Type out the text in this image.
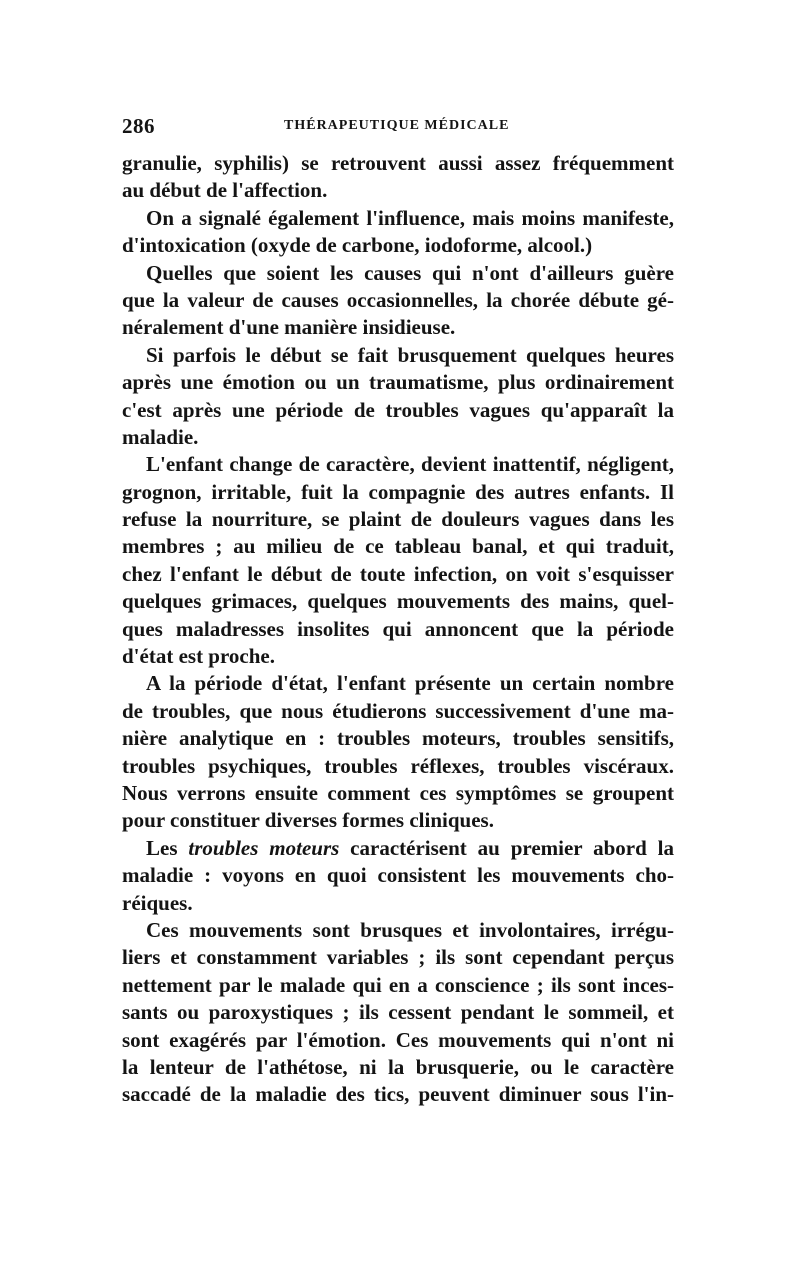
286	THÉRAPEUTIQUE MÉDICALE
granulie, syphilis) se retrouvent aussi assez fréquemment
au début de l'affection.
On a signalé également l'influence, mais moins manifeste,
d'intoxication (oxyde de carbone, iodoforme, alcool.)
Quelles que soient les causes qui n'ont d'ailleurs guère
que la valeur de causes occasionnelles, la chorée débute gé-
néralement d'une manière insidieuse.
Si parfois le début se fait brusquement quelques heures
après une émotion ou un traumatisme, plus ordinairement
c'est après une période de troubles vagues qu'apparaît la
maladie.
L'enfant change de caractère, devient inattentif, négligent,
grognon, irritable, fuit la compagnie des autres enfants. Il
refuse la nourriture, se plaint de douleurs vagues dans les
membres ; au milieu de ce tableau banal, et qui traduit,
chez l'enfant le début de toute infection, on voit s'esquisser
quelques grimaces, quelques mouvements des mains, quel-
ques maladresses insolites qui annoncent que la période
d'état est proche.
A la période d'état, l'enfant présente un certain nombre
de troubles, que nous étudierons successivement d'une ma-
nière analytique en : troubles moteurs, troubles sensitifs,
troubles psychiques, troubles réflexes, troubles viscéraux.
Nous verrons ensuite comment ces symptômes se groupent
pour constituer diverses formes cliniques.
Les troubles moteurs caractérisent au premier abord la
maladie : voyons en quoi consistent les mouvements cho-
réiques.
Ces mouvements sont brusques et involontaires, irrégu-
liers et constamment variables ; ils sont cependant perçus
nettement par le malade qui en a conscience ; ils sont inces-
sants ou paroxystiques ; ils cessent pendant le sommeil, et
sont exagérés par l'émotion. Ces mouvements qui n'ont ni
la lenteur de l'athétose, ni la brusquerie, ou le caractère
saccadé de la maladie des tics, peuvent diminuer sous l'in-
